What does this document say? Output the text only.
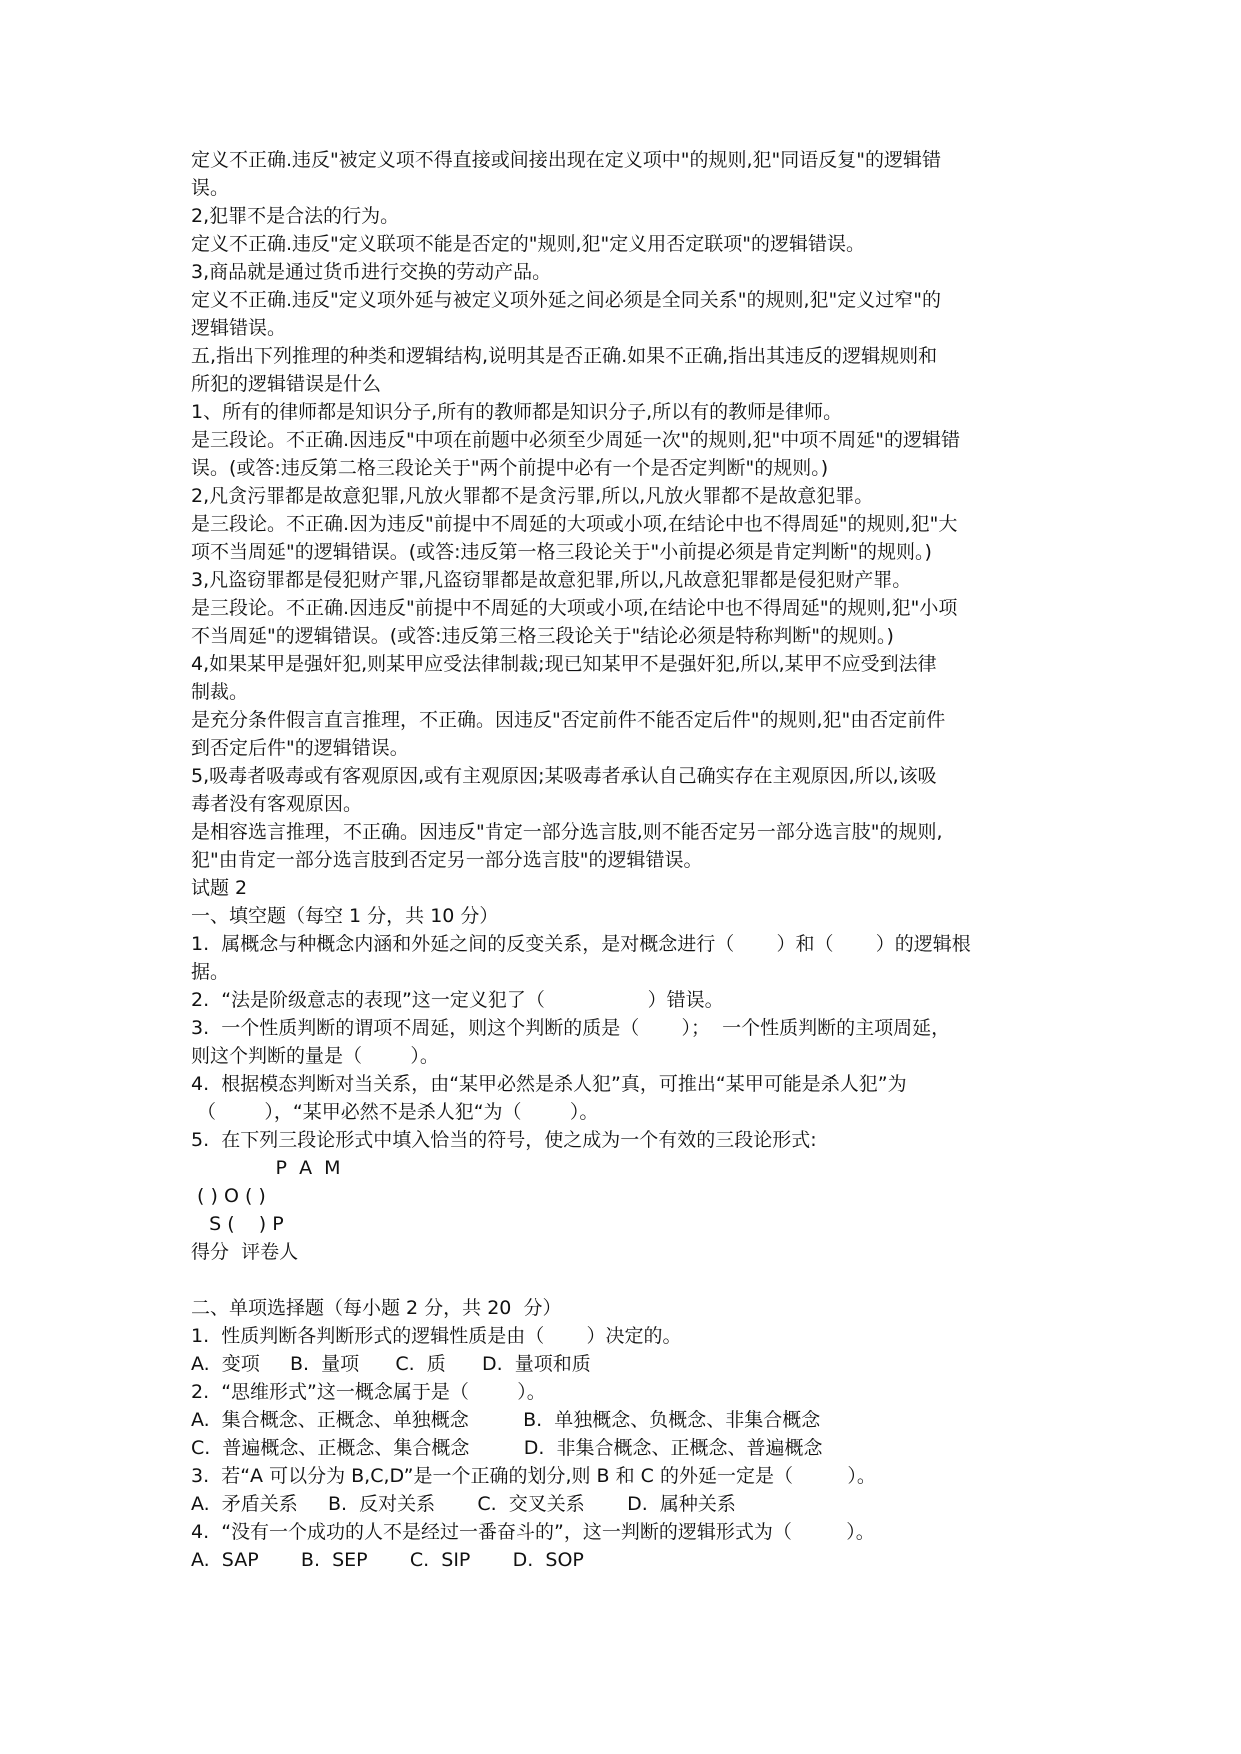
定义不正确.违反"被定义项不得直接或间接出现在定义项中"的规则,犯"同语反复"的逻辑错
误。
2,犯罪不是合法的行为。
定义不正确.违反"定义联项不能是否定的"规则,犯"定义用否定联项"的逻辑错误。
3,商品就是通过货币进行交换的劳动产品。
定义不正确.违反"定义项外延与被定义项外延之间必须是全同关系"的规则,犯"定义过窄"的
逻辑错误。
五,指出下列推理的种类和逻辑结构,说明其是否正确.如果不正确,指出其违反的逻辑规则和
所犯的逻辑错误是什么
1、所有的律师都是知识分子,所有的教师都是知识分子,所以有的教师是律师。
是三段论。不正确.因违反"中项在前题中必须至少周延一次"的规则,犯"中项不周延"的逻辑错
误。(或答:违反第二格三段论关于"两个前提中必有一个是否定判断"的规则。)
2,凡贪污罪都是故意犯罪,凡放火罪都不是贪污罪,所以,凡放火罪都不是故意犯罪。
是三段论。不正确.因为违反"前提中不周延的大项或小项,在结论中也不得周延"的规则,犯"大
项不当周延"的逻辑错误。(或答:违反第一格三段论关于"小前提必须是肯定判断"的规则。)
3,凡盗窃罪都是侵犯财产罪,凡盗窃罪都是故意犯罪,所以,凡故意犯罪都是侵犯财产罪。
是三段论。不正确.因违反"前提中不周延的大项或小项,在结论中也不得周延"的规则,犯"小项
不当周延"的逻辑错误。(或答:违反第三格三段论关于"结论必须是特称判断"的规则。)
4,如果某甲是强奸犯,则某甲应受法律制裁;现已知某甲不是强奸犯,所以,某甲不应受到法律
制裁。
是充分条件假言直言推理，不正确。因违反"否定前件不能否定后件"的规则,犯"由否定前件
到否定后件"的逻辑错误。
5,吸毒者吸毒或有客观原因,或有主观原因;某吸毒者承认自己确实存在主观原因,所以,该吸
毒者没有客观原因。
是相容选言推理，不正确。因违反"肯定一部分选言肢,则不能否定另一部分选言肢"的规则,
犯"由肯定一部分选言肢到否定另一部分选言肢"的逻辑错误。
试题 2
一、填空题（每空 1 分，共 10 分）
1.  属概念与种概念内涵和外延之间的反变关系，是对概念进行（       ）和（       ）的逻辑根
据。
2.  “法是阶级意志的表现”这一定义犯了（                 ）错误。
3.  一个性质判断的谓项不周延，则这个判断的质是（       ）；  一个性质判断的主项周延，
则这个判断的量是（        ）。
4.  根据模态判断对当关系，由“某甲必然是杀人犯”真，可推出“某甲可能是杀人犯”为
（        ），“某甲必然不是杀人犯“为（        ）。
5.  在下列三段论形式中填入恰当的符号，使之成为一个有效的三段论形式:
P  A  M
( ) O ( )
S (    ) P
得分  评卷人
二、单项选择题（每小题 2 分，共 20  分）
1.  性质判断各判断形式的逻辑性质是由（       ）决定的。
A.  变项     B.  量项      C.  质      D.  量项和质
2.  “思维形式”这一概念属于是（        ）。
A.  集合概念、正概念、单独概念         B.  单独概念、负概念、非集合概念
C.  普遍概念、正概念、集合概念         D.  非集合概念、正概念、普遍概念
3.  若“A 可以分为 B,C,D”是一个正确的划分,则 B 和 C 的外延一定是（         ）。
A.  矛盾关系     B.  反对关系       C.  交叉关系       D.  属种关系
4.  “没有一个成功的人不是经过一番奋斗的”，这一判断的逻辑形式为（         ）。
A.  SAP       B.  SEP       C.  SIP       D.  SOP
